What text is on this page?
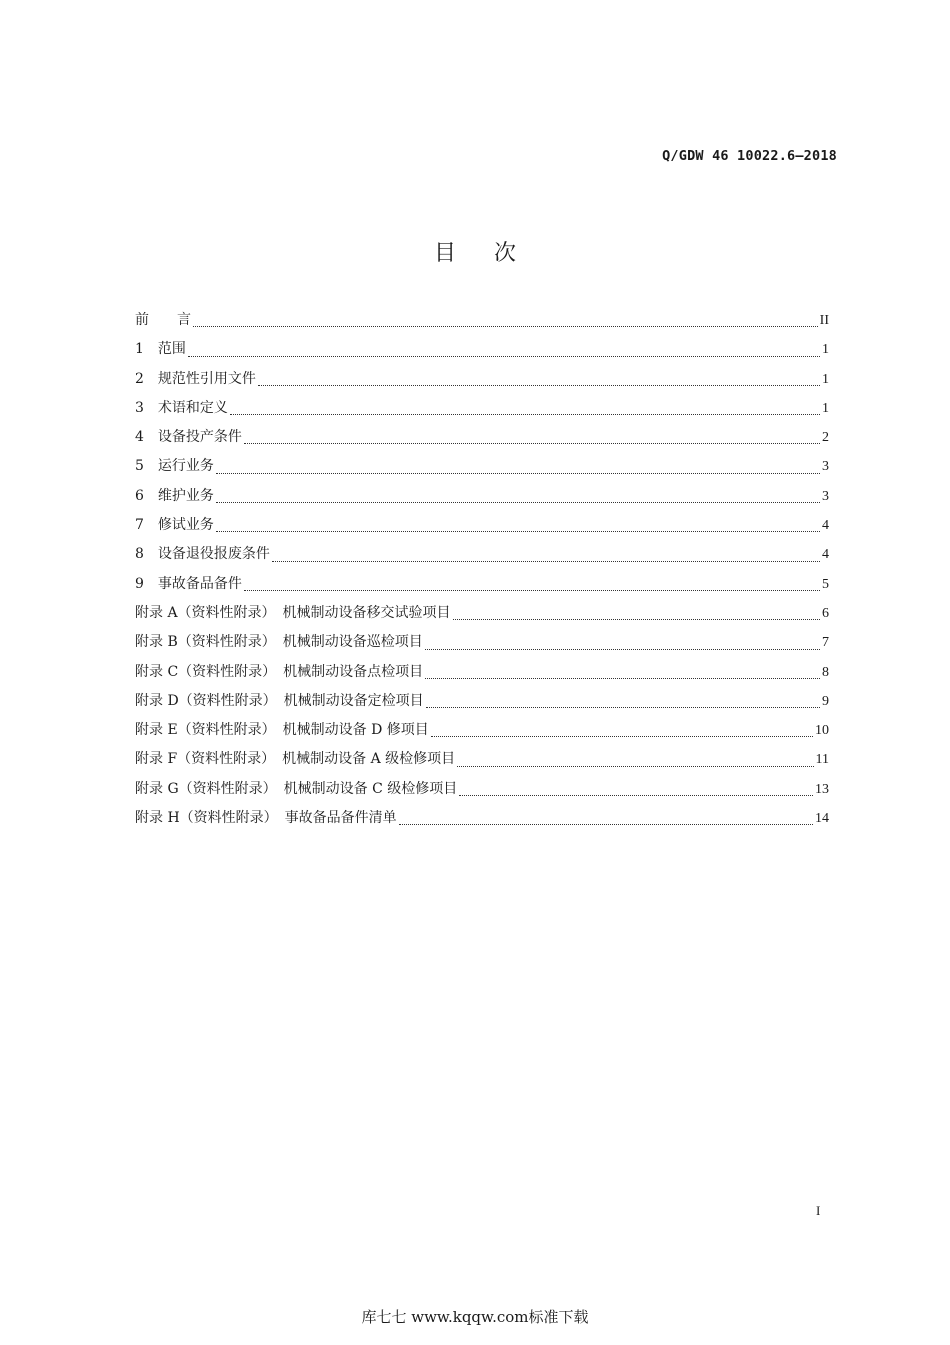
Q/GDW 46 10022.6—2018
目 次
前　　言	II
1　范围	1
2　规范性引用文件	1
3　术语和定义	1
4　设备投产条件	2
5　运行业务	3
6　维护业务	3
7　修试业务	4
8　设备退役报废条件	4
9　事故备品备件	5
附录 A（资料性附录）　机械制动设备移交试验项目	6
附录 B（资料性附录）　机械制动设备巡检项目	7
附录 C（资料性附录）　机械制动设备点检项目	8
附录 D（资料性附录）　机械制动设备定检项目	9
附录 E（资料性附录）　机械制动设备 D 修项目	10
附录 F（资料性附录）　机械制动设备 A 级检修项目	11
附录 G（资料性附录）　机械制动设备 C 级检修项目	13
附录 H（资料性附录）　事故备品备件清单	14
I
库七七 www.kqqw.com标准下载
